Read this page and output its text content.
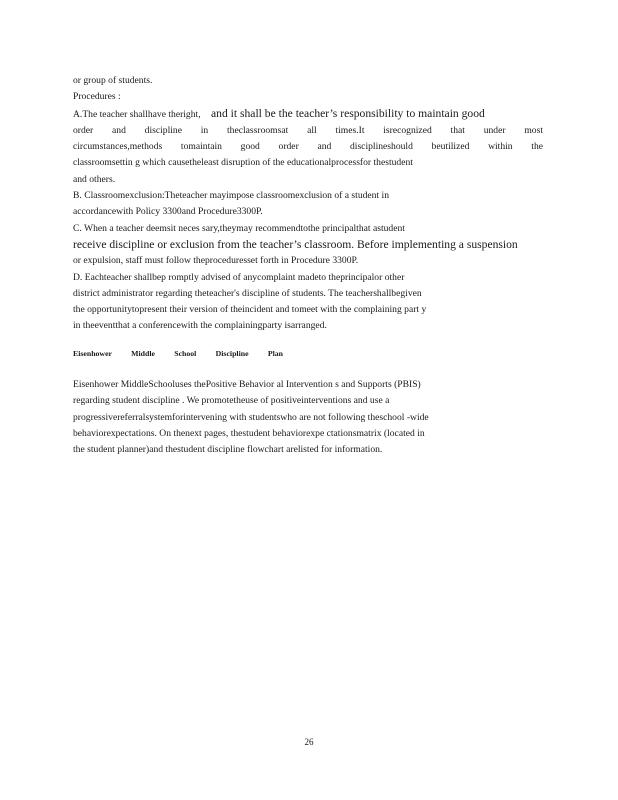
or group of students.
Procedures :
A.The teacher shallhave theright, and it shall be the teacher’s responsibility to maintain good
order and discipline in theclassroomsat all times.It isrecognized that under most
circumstances,methods tomaintain good order and disciplineshould beutilized within the
classroomsettin g which causetheleast disruption of the educationalprocessfor thestudent
and others.
B. Classroomexclusion:Theteacher mayimpose classroomexclusion of a student in
accordancewith Policy 3300and Procedure3300P.
C. When a teacher deemsit neces sary,theymay recommendtothe principalthat astudent
receive discipline or exclusion from the teacher’s classroom. Before implementing a suspension
or expulsion, staff must follow theproceduresset forth in Procedure 3300P.
D. Eachteacher shallbep romptly advised of anycomplaint madeto theprincipalor other
district administrator regarding theteacher's discipline of students. The teachershallbegiven
the opportunitytopresent their version of theincident and tomeet with the complaining part y
in theeventthat a conferencewith the complainingparty isarranged.
Eisenhower Middle School Discipline Plan
Eisenhower MiddleSchooluses thePositive Behavior al Intervention s and Supports (PBIS)
regarding student discipline . We promotetheuse of positiveinterventions and use a
progressivereferralsystemforintervening with studentswho are not following theschool -wide
behaviorexpectations. On thenext pages, thestudent behaviorexpe ctationsmatrix (located in
the student planner)and thestudent discipline flowchart arelisted for information.
26
